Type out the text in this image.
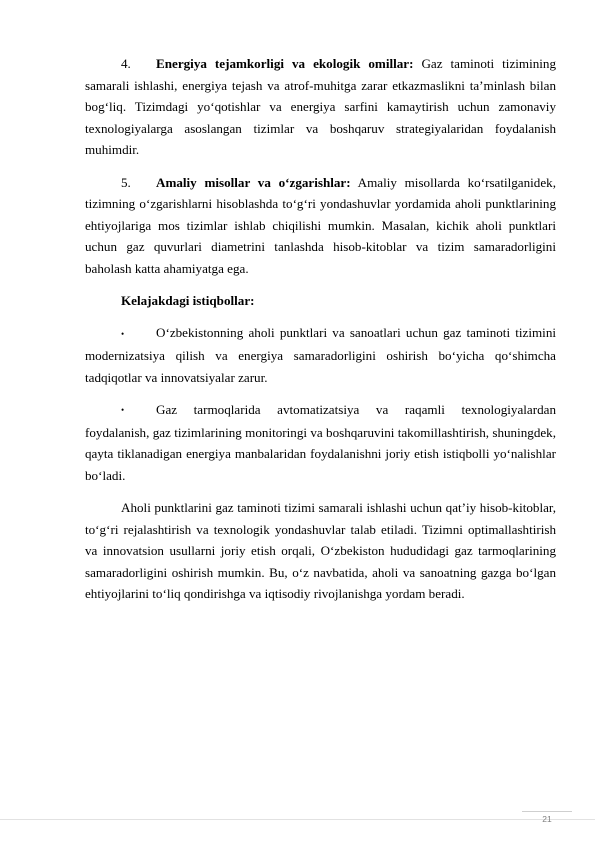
4. Energiya tejamkorligi va ekologik omillar: Gaz taminoti tizimining samarali ishlashi, energiya tejash va atrof-muhitga zarar etkazmaslikni ta’minlash bilan bog‘liq. Tizimdagi yo‘qotishlar va energiya sarfini kamaytirish uchun zamonaviy texnologiyalarga asoslangan tizimlar va boshqaruv strategiyalaridan foydalanish muhimdir.

5. Amaliy misollar va o‘zgarishlar: Amaliy misollarda ko‘rsatilganidek, tizimning o‘zgarishlarni hisoblashda to‘g‘ri yondashuvlar yordamida aholi punktlarining ehtiyojlariga mos tizimlar ishlab chiqilishi mumkin. Masalan, kichik aholi punktlari uchun gaz quvurlari diametrini tanlashda hisob-kitoblar va tizim samaradorligini baholash katta ahamiyatga ega.

Kelajakdagi istiqbollar:

• O‘zbekistonning aholi punktlari va sanoatlari uchun gaz taminoti tizimini modernizatsiya qilish va energiya samaradorligini oshirish bo‘yicha qo‘shimcha tadqiqotlar va innovatsiyalar zarur.

• Gaz tarmoqlarida avtomatizatsiya va raqamli texnologiyalardan foydalanish, gaz tizimlarining monitoringi va boshqaruvini takomillashtirish, shuningdek, qayta tiklanadigan energiya manbalaridan foydalanishni joriy etish istiqbolli yo‘nalishlar bo‘ladi.

Aholi punktlarini gaz taminoti tizimi samarali ishlashi uchun qat’iy hisob-kitoblar, to‘g‘ri rejalashtirish va texnologik yondashuvlar talab etiladi. Tizimni optimallashtirish va innovatsion usullarni joriy etish orqali, O‘zbekiston hududidagi gaz tarmoqlarining samaradorligini oshirish mumkin. Bu, o‘z navbatida, aholi va sanoatning gazga bo‘lgan ehtiyojlarini to‘liq qondirishga va iqtisodiy rivojlanishga yordam beradi.

21
